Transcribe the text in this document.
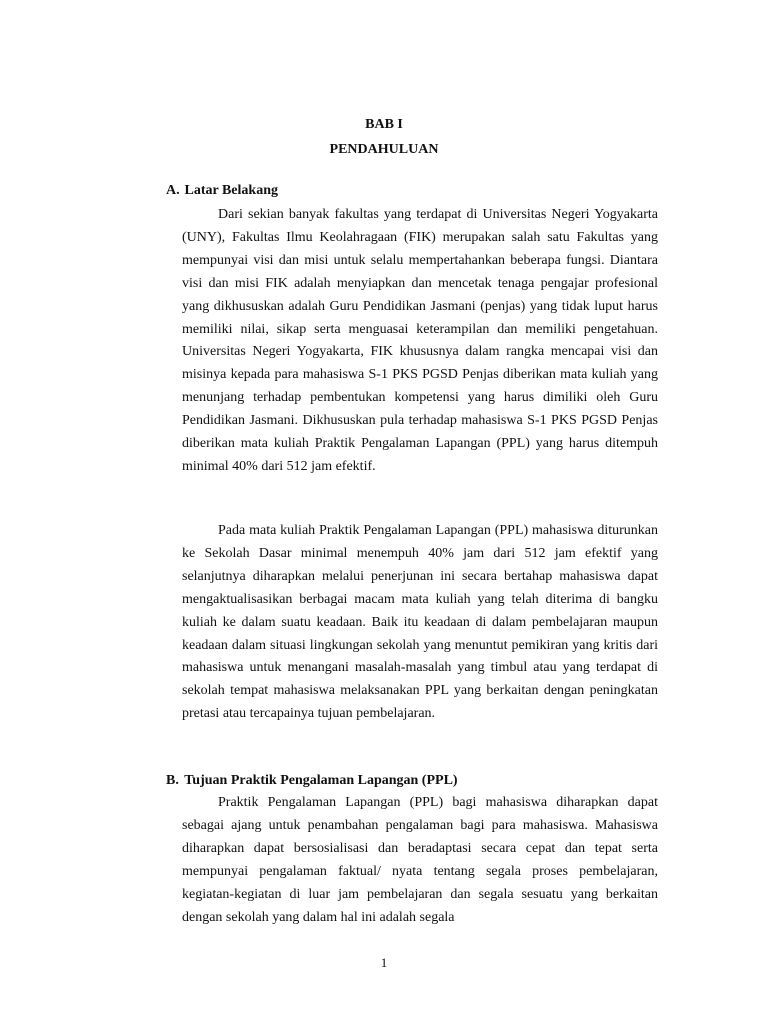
BAB I
PENDAHULUAN
A. Latar Belakang

Dari sekian banyak fakultas yang terdapat di Universitas Negeri Yogyakarta (UNY), Fakultas Ilmu Keolahragaan (FIK) merupakan salah satu Fakultas yang mempunyai visi dan misi untuk selalu mempertahankan beberapa fungsi. Diantara visi dan misi FIK adalah menyiapkan dan mencetak tenaga pengajar profesional yang dikhususkan adalah Guru Pendidikan Jasmani (penjas) yang tidak luput harus memiliki nilai, sikap serta menguasai keterampilan dan memiliki pengetahuan. Universitas Negeri Yogyakarta, FIK khususnya dalam rangka mencapai visi dan misinya kepada para mahasiswa S-1 PKS PGSD Penjas diberikan mata kuliah yang menunjang terhadap pembentukan kompetensi yang harus dimiliki oleh Guru Pendidikan Jasmani. Dikhususkan pula terhadap mahasiswa S-1 PKS PGSD Penjas diberikan mata kuliah Praktik Pengalaman Lapangan (PPL) yang harus ditempuh minimal 40% dari 512 jam efektif.

Pada mata kuliah Praktik Pengalaman Lapangan (PPL) mahasiswa diturunkan ke Sekolah Dasar minimal menempuh 40% jam dari 512 jam efektif yang selanjutnya diharapkan melalui penerjunan ini secara bertahap mahasiswa dapat mengaktualisasikan berbagai macam mata kuliah yang telah diterima di bangku kuliah ke dalam suatu keadaan. Baik itu keadaan di dalam pembelajaran maupun keadaan dalam situasi lingkungan sekolah yang menuntut pemikiran yang kritis dari mahasiswa untuk menangani masalah-masalah yang timbul atau yang terdapat di sekolah tempat mahasiswa melaksanakan PPL yang berkaitan dengan peningkatan pretasi atau tercapainya tujuan pembelajaran.

B. Tujuan Praktik Pengalaman Lapangan (PPL)

Praktik Pengalaman Lapangan (PPL) bagi mahasiswa diharapkan dapat sebagai ajang untuk penambahan pengalaman bagi para mahasiswa. Mahasiswa diharapkan dapat bersosialisasi dan beradaptasi secara cepat dan tepat serta mempunyai pengalaman faktual/ nyata tentang segala proses pembelajaran, kegiatan-kegiatan di luar jam pembelajaran dan segala sesuatu yang berkaitan dengan sekolah yang dalam hal ini adalah segala

1
